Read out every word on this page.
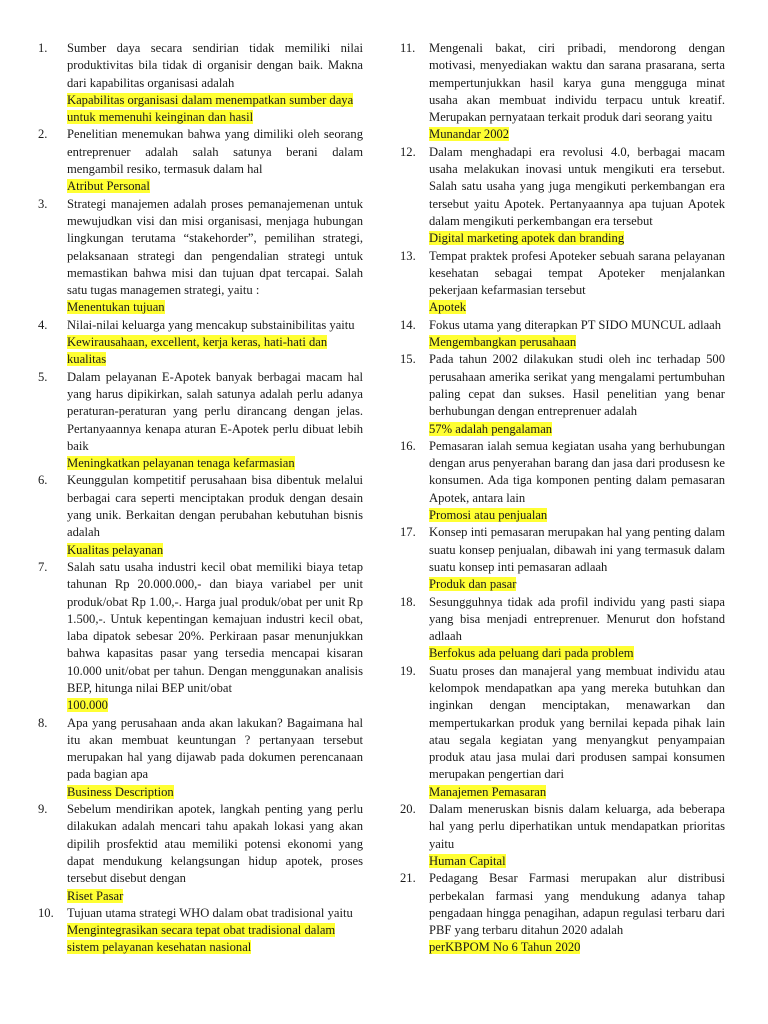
1.	Sumber daya secara sendirian tidak memiliki nilai produktivitas bila tidak di organisir dengan baik. Makna dari kapabilitas organisasi adalah

Kapabilitas organisasi dalam menempatkan sumber daya untuk memenuhi keinginan dan hasil

2.	Penelitian menemukan bahwa yang dimiliki oleh seorang entreprenuer adalah salah satunya berani dalam mengambil resiko, termasuk dalam hal

Atribut Personal

3.	Strategi manajemen adalah proses pemanajemenan untuk mewujudkan visi dan misi organisasi, menjaga hubungan lingkungan terutama “stakehorder”, pemilihan strategi, pelaksanaan strategi dan pengendalian strategi untuk memastikan bahwa misi dan tujuan dpat tercapai. Salah satu tugas managemen strategi, yaitu :

Menentukan tujuan

4.	Nilai-nilai keluarga yang mencakup substainibilitas yaitu

Kewirausahaan, excellent, kerja keras, hati-hati dan kualitas

5.	Dalam pelayanan E-Apotek banyak berbagai macam hal yang harus dipikirkan, salah satunya adalah perlu adanya peraturan-peraturan yang perlu dirancang dengan jelas. Pertanyaannya kenapa aturan E-Apotek perlu dibuat lebih baik

Meningkatkan pelayanan tenaga kefarmasian

6.	Keunggulan kompetitif perusahaan bisa dibentuk melalui berbagai cara seperti menciptakan produk dengan desain yang unik. Berkaitan dengan perubahan kebutuhan bisnis adalah

Kualitas pelayanan

7.	Salah satu usaha industri kecil obat memiliki biaya tetap tahunan Rp 20.000.000,- dan biaya variabel per unit produk/obat Rp 1.00,-. Harga jual produk/obat per unit Rp 1.500,-. Untuk kepentingan kemajuan industri kecil obat, laba dipatok sebesar 20%. Perkiraan pasar menunjukkan bahwa kapasitas pasar yang tersedia mencapai kisaran 10.000 unit/obat per tahun. Dengan menggunakan analisis BEP, hitunga nilai BEP unit/obat

100.000

8.	Apa yang perusahaan anda akan lakukan? Bagaimana hal itu akan membuat keuntungan ? pertanyaan tersebut merupakan hal yang dijawab pada dokumen perencanaan pada bagian apa

Business Description

9.	Sebelum mendirikan apotek, langkah penting yang perlu dilakukan adalah mencari tahu apakah lokasi yang akan dipilih prosfektid atau memiliki potensi ekonomi yang dapat mendukung kelangsungan hidup apotek, proses tersebut disebut dengan

Riset Pasar

10.	Tujuan utama strategi WHO dalam obat tradisional yaitu

Mengintegrasikan secara tepat obat tradisional dalam sistem pelayanan kesehatan nasional

11.	Mengenali bakat, ciri pribadi, mendorong dengan motivasi, menyediakan waktu dan sarana prasarana, serta mempertunjukkan hasil karya guna mengguga minat usaha akan membuat individu terpacu untuk kreatif. Merupakan pernyataan terkait produk dari seorang yaitu

Munandar 2002

12.	Dalam menghadapi era revolusi 4.0, berbagai macam usaha melakukan inovasi untuk mengikuti era tersebut. Salah satu usaha yang juga mengikuti perkembangan era tersebut yaitu Apotek. Pertanyaannya apa tujuan Apotek dalam mengikuti perkembangan era tersebut

Digital marketing apotek dan branding

13.	Tempat praktek profesi Apoteker sebuah sarana pelayanan kesehatan sebagai tempat Apoteker menjalankan pekerjaan kefarmasian tersebut

Apotek

14.	Fokus utama yang diterapkan PT SIDO MUNCUL adlaah

Mengembangkan perusahaan

15.	Pada tahun 2002 dilakukan studi oleh inc terhadap 500 perusahaan amerika serikat yang mengalami pertumbuhan paling cepat dan sukses. Hasil penelitian yang benar berhubungan dengan entreprenuer adalah

57% adalah pengalaman

16.	Pemasaran ialah semua kegiatan usaha yang berhubungan dengan arus penyerahan barang dan jasa dari produsesn ke konsumen. Ada tiga komponen penting dalam pemasaran Apotek, antara lain

Promosi atau penjualan

17.	Konsep inti pemasaran merupakan hal yang penting dalam suatu konsep penjualan, dibawah ini yang termasuk dalam suatu konsep inti pemasaran adlaah

Produk dan pasar

18.	Sesungguhnya tidak ada profil individu yang pasti siapa yang bisa menjadi entreprenuer. Menurut don hofstand adlaah

Berfokus ada peluang dari pada problem

19.	Suatu proses dan manajeral yang membuat individu atau kelompok mendapatkan apa yang mereka butuhkan dan inginkan dengan menciptakan, menawarkan dan mempertukarkan produk yang bernilai kepada pihak lain atau segala kegiatan yang menyangkut penyampaian produk atau jasa mulai dari produsen sampai konsumen merupakan pengertian dari

Manajemen Pemasaran

20.	Dalam meneruskan bisnis dalam keluarga, ada beberapa hal yang perlu diperhatikan untuk mendapatkan prioritas yaitu

Human Capital

21.	Pedagang Besar Farmasi merupakan alur distribusi perbekalan farmasi yang mendukung adanya tahap pengadaan hingga penagihan, adapun regulasi terbaru dari PBF yang terbaru ditahun 2020 adalah

perKBPOM No 6 Tahun 2020
